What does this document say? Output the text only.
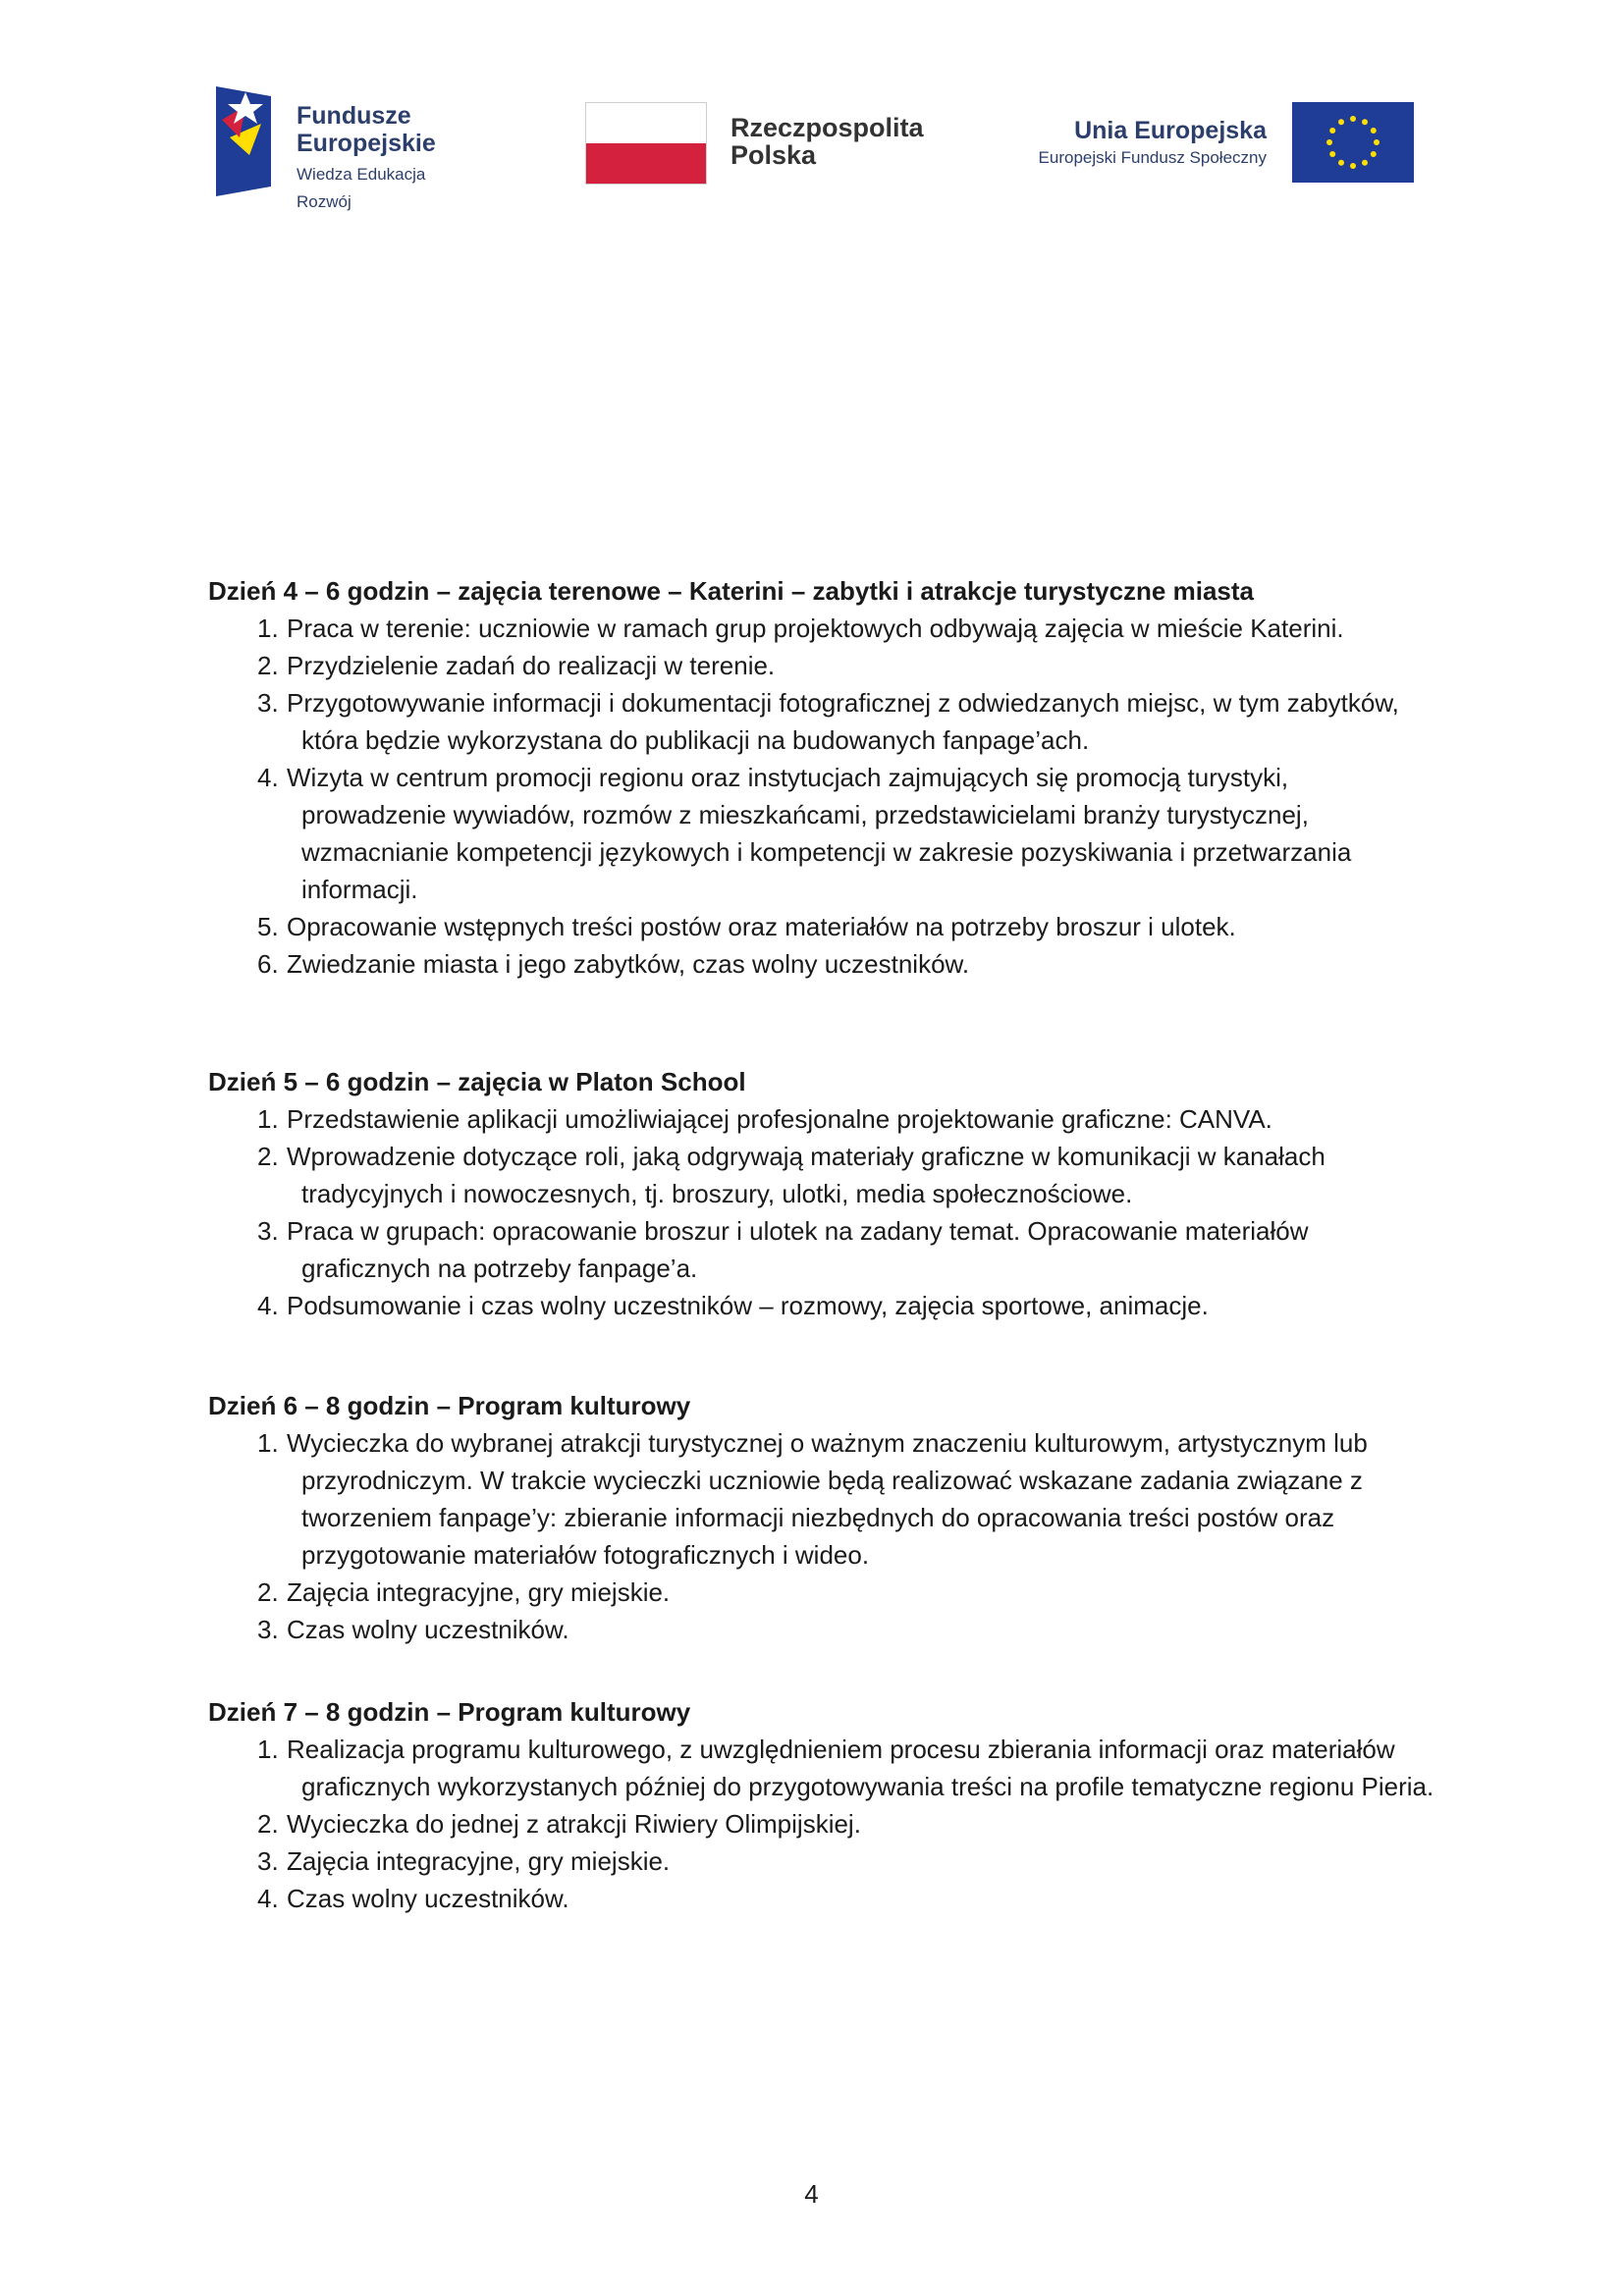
Fundusze
Europejskie
Wiedza Edukacja Rozwój
Rzeczpospolita
Polska
Unia Europejska
Europejski Fundusz Społeczny

Dzień 4 – 6 godzin – zajęcia terenowe – Katerini – zabytki i atrakcje turystyczne miasta

1. Praca w terenie: uczniowie w ramach grup projektowych odbywają zajęcia w mieście Katerini.
2. Przydzielenie zadań do realizacji w terenie.
3. Przygotowywanie informacji i dokumentacji fotograficznej z odwiedzanych miejsc, w tym zabytków, która będzie wykorzystana do publikacji na budowanych fanpage’ach.
4. Wizyta w centrum promocji regionu oraz instytucjach zajmujących się promocją turystyki, prowadzenie wywiadów, rozmów z mieszkańcami, przedstawicielami branży turystycznej, wzmacnianie kompetencji językowych i kompetencji w zakresie pozyskiwania i przetwarzania informacji.
5. Opracowanie wstępnych treści postów oraz materiałów na potrzeby broszur i ulotek.
6. Zwiedzanie miasta i jego zabytków, czas wolny uczestników.

Dzień 5 – 6 godzin – zajęcia w Platon School

1. Przedstawienie aplikacji umożliwiającej profesjonalne projektowanie graficzne: CANVA.
2. Wprowadzenie dotyczące roli, jaką odgrywają materiały graficzne w komunikacji w kanałach tradycyjnych i nowoczesnych, tj. broszury, ulotki, media społecznościowe.
3. Praca w grupach: opracowanie broszur i ulotek na zadany temat. Opracowanie materiałów graficznych na potrzeby fanpage’a.
4. Podsumowanie i czas wolny uczestników – rozmowy, zajęcia sportowe, animacje.

Dzień 6 – 8 godzin – Program kulturowy

1. Wycieczka do wybranej atrakcji turystycznej o ważnym znaczeniu kulturowym, artystycznym lub przyrodniczym. W trakcie wycieczki uczniowie będą realizować wskazane zadania związane z tworzeniem fanpage’y: zbieranie informacji niezbędnych do opracowania treści postów oraz przygotowanie materiałów fotograficznych i wideo.
2. Zajęcia integracyjne, gry miejskie.
3. Czas wolny uczestników.

Dzień 7 – 8 godzin – Program kulturowy

1. Realizacja programu kulturowego, z uwzględnieniem procesu zbierania informacji oraz materiałów graficznych wykorzystanych później do przygotowywania treści na profile tematyczne regionu Pieria.
2. Wycieczka do jednej z atrakcji Riwiery Olimpijskiej.
3. Zajęcia integracyjne, gry miejskie.
4. Czas wolny uczestników.
4
